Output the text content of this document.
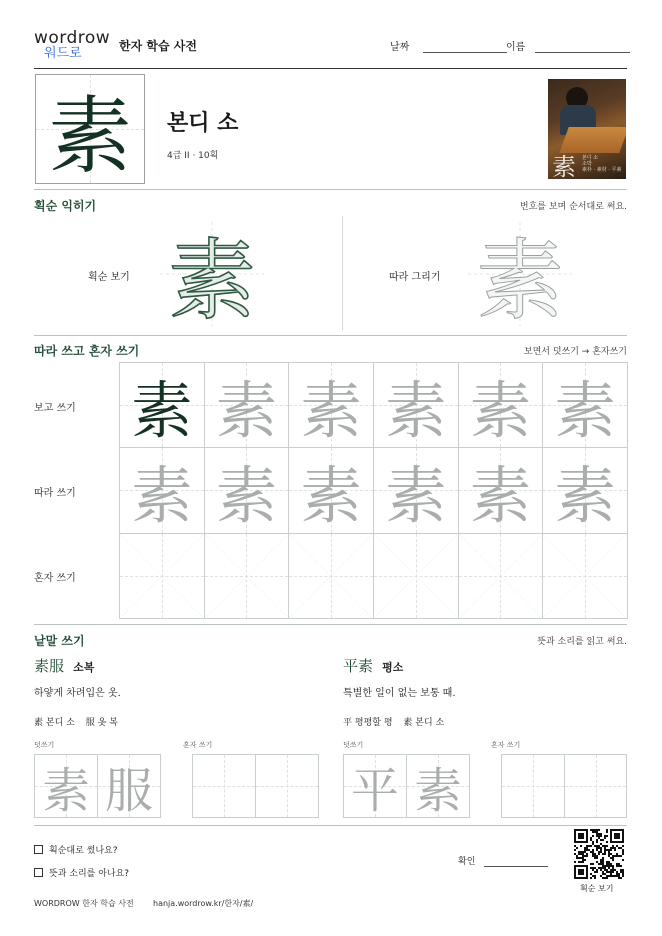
wordrow
워드로	한자 학습 사전	날짜	이름
素	본디 소
4급 II · 10획	素 본디 소
소박
素朴 · 素材 · 平素
획순 익히기	번호를 보며 순서대로 써요.
획순 보기 素	따라 그리기 素
따라 쓰고 혼자 쓰기	보면서 덧쓰기 → 혼자쓰기
보고 쓰기
따라 쓰기
혼자 쓰기
素 素 素 素 素 素
素 素 素 素 素 素
낱말 쓰기	뜻과 소리를 읽고 써요.
素服 소복
하얗게 차려입은 옷.
素 본디 소 服 옷 복
덧쓰기	혼자 쓰기
素 服
平素 평소
특별한 일이 없는 보통 때.
平 평평할 평 素 본디 소
덧쓰기	혼자 쓰기
平 素
획순대로 썼나요?
뜻과 소리를 아나요?
확인
획순 보기
WORDROW 한자 학습 사전 hanja.wordrow.kr/한자/素/
